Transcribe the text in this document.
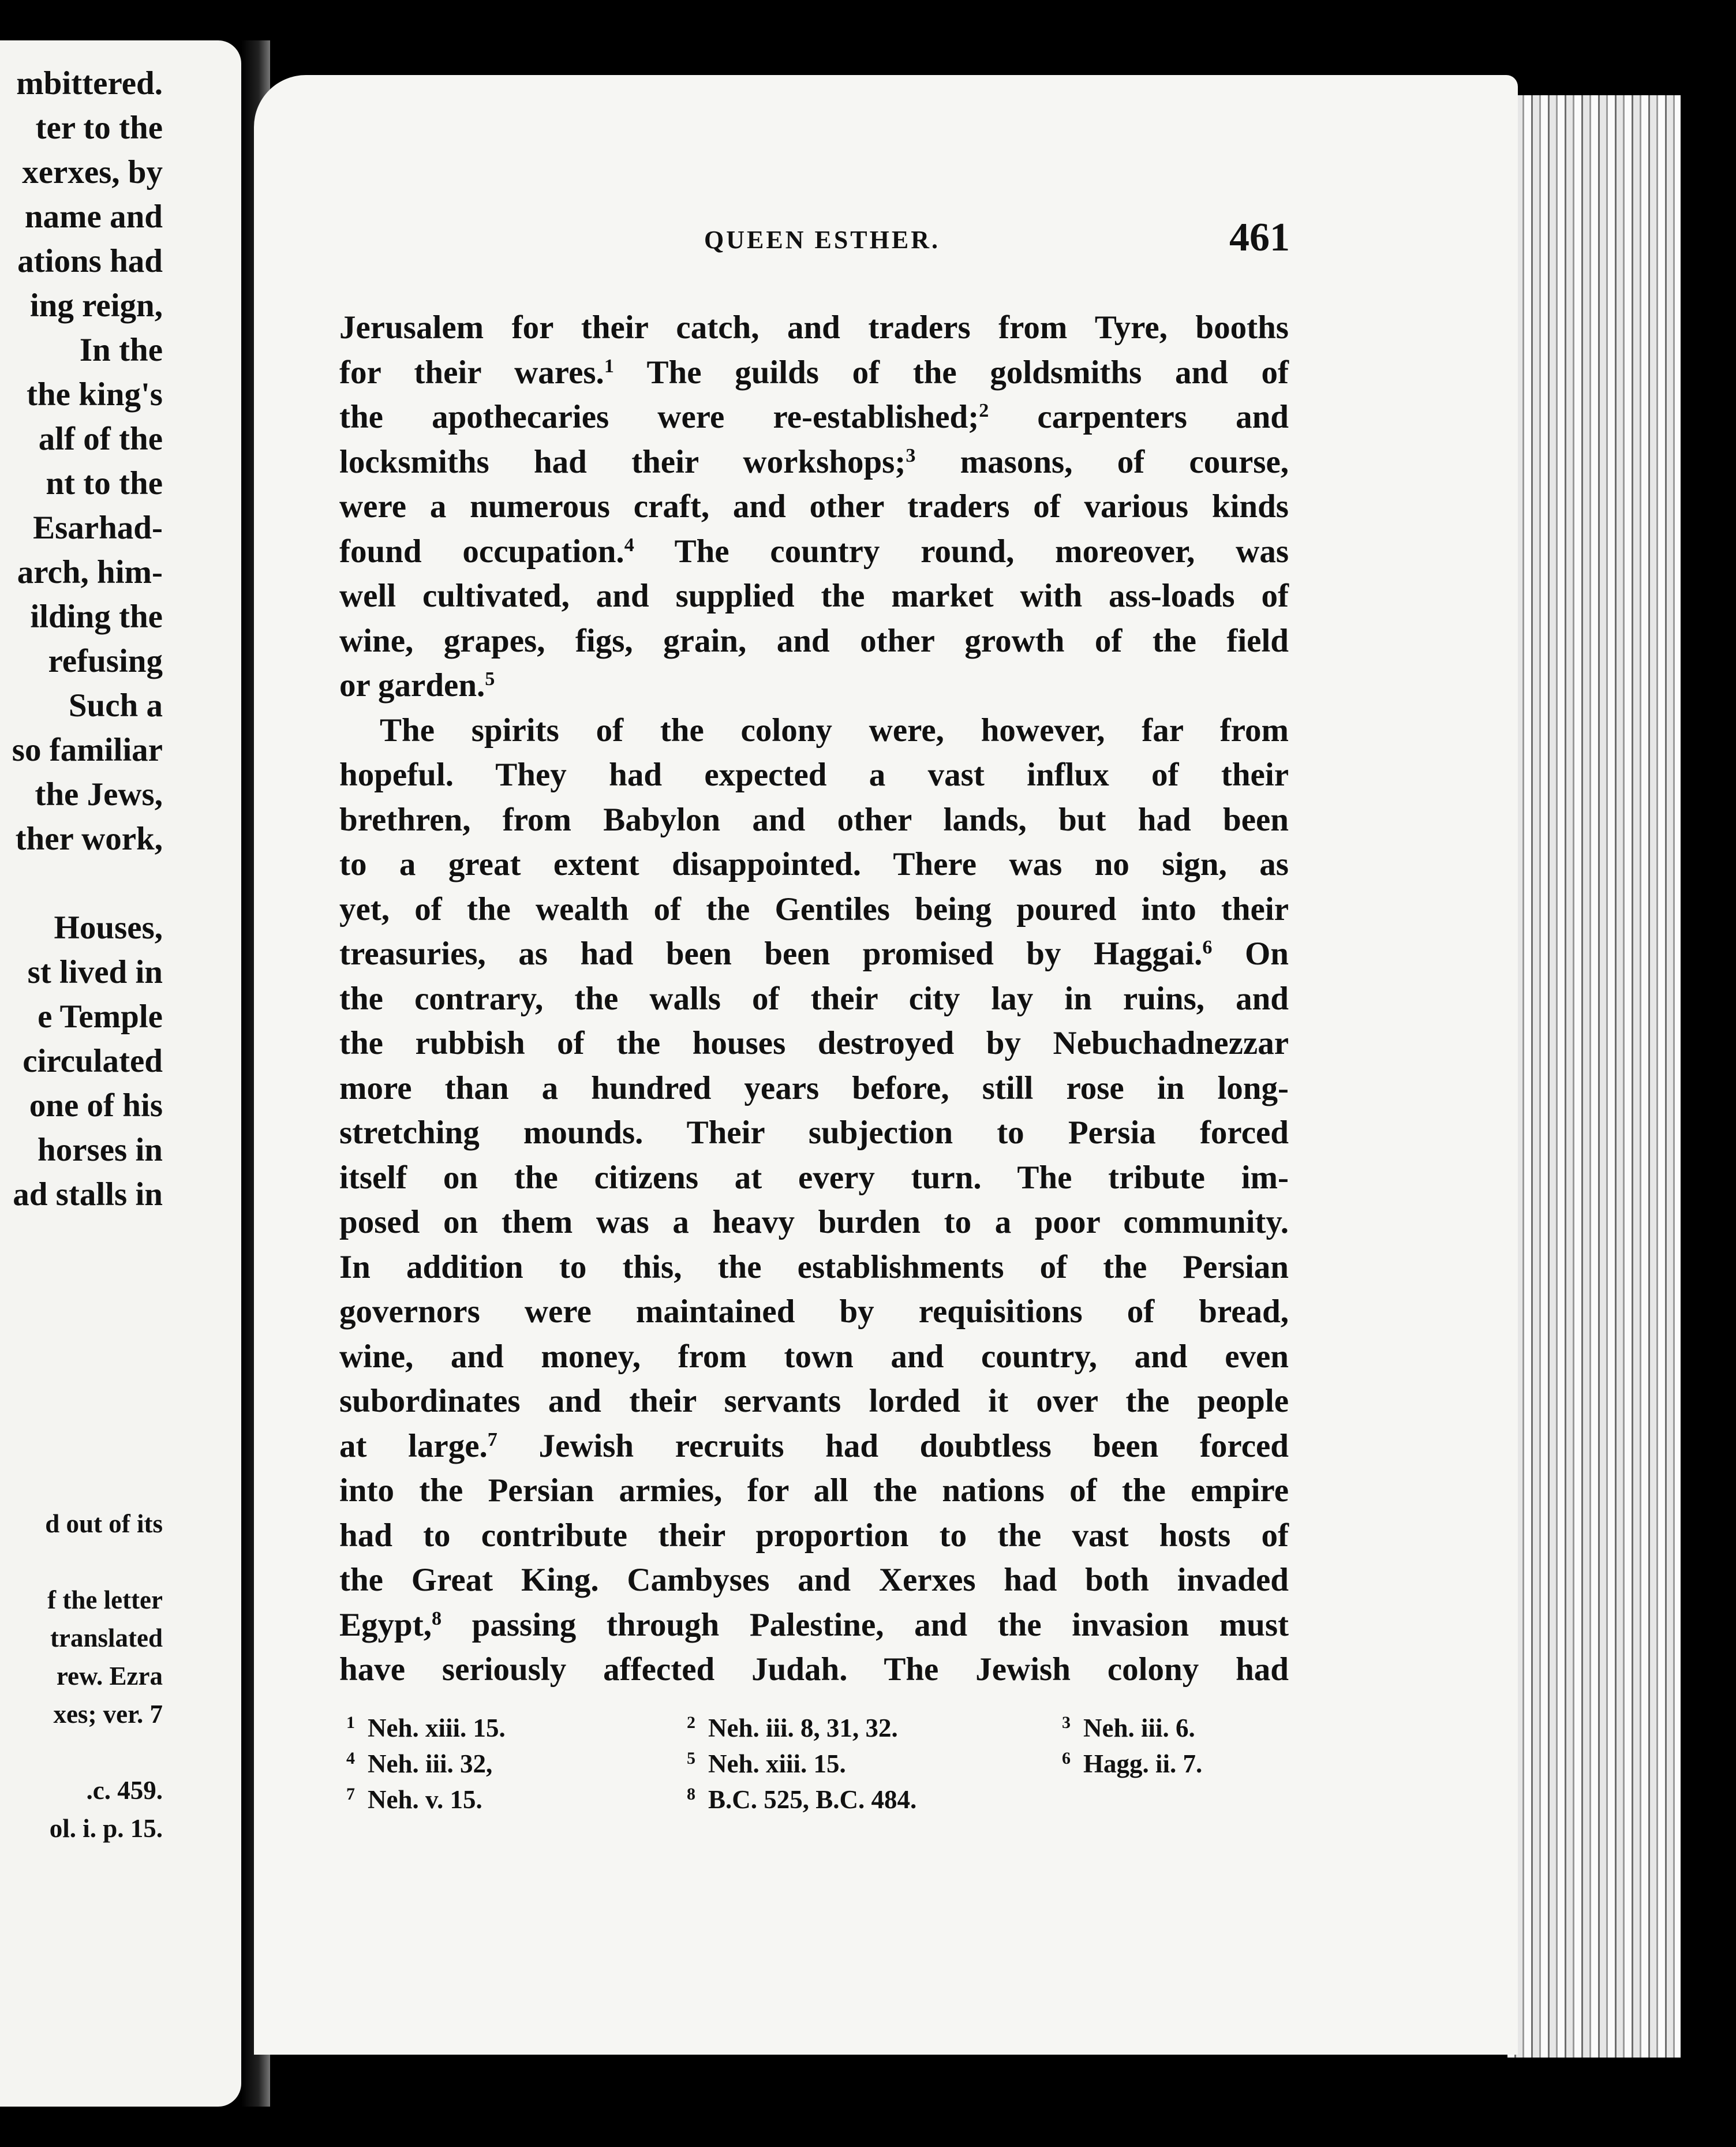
mbittered.
ter to the
xerxes, by
name and
ations had
ing reign,
In the
the king's
alf of the
nt to the
Esarhad-
arch, him-
ilding the
refusing
Such a
so familiar
the Jews,
ther work,
Houses,
st lived in
e Temple
circulated
one of his
horses in
ad stalls in
d out of its
f the letter
translated
rew. Ezra
xes; ver. 7
.c. 459.
ol. i. p. 15.
QUEEN ESTHER.	461
Jerusalem for their catch, and traders from Tyre, booths
for their wares.$^1$ The guilds of the goldsmiths and of
the apothecaries were re-established;$^2$ carpenters and
locksmiths had their workshops;$^3$ masons, of course,
were a numerous craft, and other traders of various kinds
found occupation.$^4$ The country round, moreover, was
well cultivated, and supplied the market with ass-loads of
wine, grapes, figs, grain, and other growth of the field
or garden.$^5$
The spirits of the colony were, however, far from
hopeful. They had expected a vast influx of their
brethren, from Babylon and other lands, but had been
to a great extent disappointed. There was no sign, as
yet, of the wealth of the Gentiles being poured into their
treasuries, as had been been promised by Haggai.$^6$ On
the contrary, the walls of their city lay in ruins, and
the rubbish of the houses destroyed by Nebuchadnezzar
more than a hundred years before, still rose in long-
stretching mounds. Their subjection to Persia forced
itself on the citizens at every turn. The tribute im-
posed on them was a heavy burden to a poor community.
In addition to this, the establishments of the Persian
governors were maintained by requisitions of bread,
wine, and money, from town and country, and even
subordinates and their servants lorded it over the people
at large.$^7$ Jewish recruits had doubtless been forced
into the Persian armies, for all the nations of the empire
had to contribute their proportion to the vast hosts of
the Great King. Cambyses and Xerxes had both invaded
Egypt,$^8$ passing through Palestine, and the invasion must
have seriously affected Judah. The Jewish colony had
$^1$ Neh. xiii. 15.	$^2$ Neh. iii. 8, 31, 32.	$^3$ Neh. iii. 6.
$^4$ Neh. iii. 32,	$^5$ Neh. xiii. 15.	$^6$ Hagg. ii. 7.
$^7$ Neh. v. 15.	$^8$ B.C. 525, B.C. 484.
